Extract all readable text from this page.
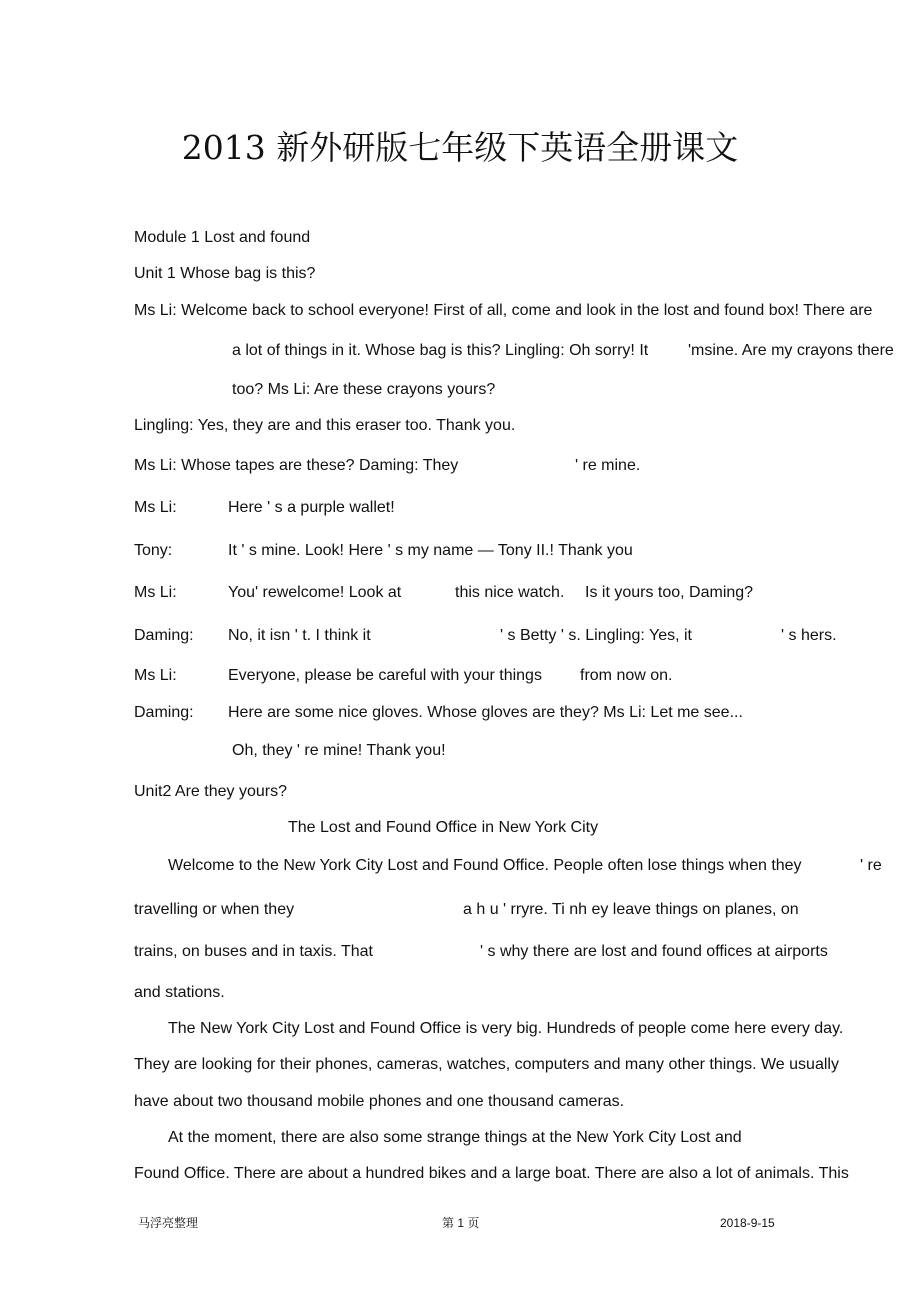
2013 新外研版七年级下英语全册课文
Module 1 Lost and found
Unit 1 Whose bag is this?
Ms Li: Welcome back to school everyone! First of all, come and look in the lost and found box! There are
a lot of things in it. Whose bag is this? Lingling: Oh sorry! It 'msine. Are my crayons there
too? Ms Li: Are these crayons yours?
Lingling: Yes, they are and this eraser too. Thank you.
Ms Li: Whose tapes are these? Daming: They	' re mine.
Ms Li:	Here ' s a purple wallet!
Tony:	It ' s mine. Look! Here ' s my name — Tony II.! Thank you
Ms Li:	You' rewelcome! Look at	this nice watch. Is it yours too, Daming?
Daming: No, it isn ' t. I think it	' s Betty ' s. Lingling: Yes, it	' s hers.
Ms Li:	Everyone, please be careful with your things from now on.
Daming: Here are some nice gloves. Whose gloves are they? Ms Li: Let me see...
Oh, they ' re mine! Thank you!
Unit2 Are they yours?
The Lost and Found Office in New York City
Welcome to the New York City Lost and Found Office. People often lose things when they	' re
travelling or when they	a h u ' rryre. Ti nh ey leave things on planes, on
trains, on buses and in taxis. That	' s why there are lost and found offices at airports
and stations.
The New York City Lost and Found Office is very big. Hundreds of people come here every day.
They are looking for their phones, cameras, watches, computers and many other things. We usually
have about two thousand mobile phones and one thousand cameras.
At the moment, there are also some strange things at the New York City Lost and
Found Office. There are about a hundred bikes and a large boat. There are also a lot of animals. This
马浮亮整理	第 1 页	2018-9-15
